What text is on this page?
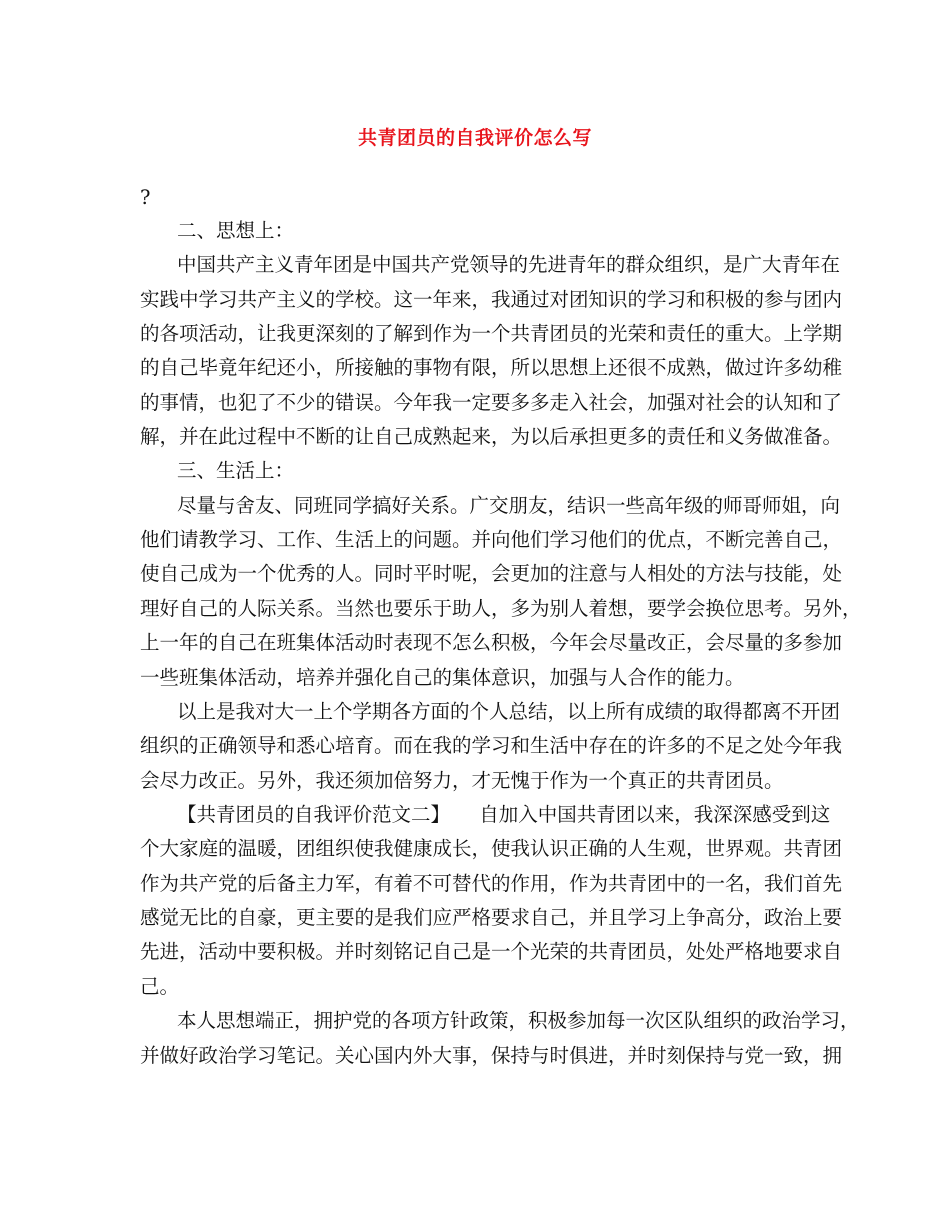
共青团员的自我评价怎么写
?
二、思想上：
中国共产主义青年团是中国共产党领导的先进青年的群众组织，是广大青年在
实践中学习共产主义的学校。这一年来，我通过对团知识的学习和积极的参与团内
的各项活动，让我更深刻的了解到作为一个共青团员的光荣和责任的重大。上学期
的自己毕竟年纪还小，所接触的事物有限，所以思想上还很不成熟，做过许多幼稚
的事情，也犯了不少的错误。今年我一定要多多走入社会，加强对社会的认知和了
解，并在此过程中不断的让自己成熟起来，为以后承担更多的责任和义务做准备。
三、生活上：
尽量与舍友、同班同学搞好关系。广交朋友，结识一些高年级的师哥师姐，向
他们请教学习、工作、生活上的问题。并向他们学习他们的优点，不断完善自己，
使自己成为一个优秀的人。同时平时呢，会更加的注意与人相处的方法与技能，处
理好自己的人际关系。当然也要乐于助人，多为别人着想，要学会换位思考。另外，
上一年的自己在班集体活动时表现不怎么积极，今年会尽量改正，会尽量的多参加
一些班集体活动，培养并强化自己的集体意识，加强与人合作的能力。
以上是我对大一上个学期各方面的个人总结，以上所有成绩的取得都离不开团
组织的正确领导和悉心培育。而在我的学习和生活中存在的许多的不足之处今年我
会尽力改正。另外，我还须加倍努力，才无愧于作为一个真正的共青团员。
【共青团员的自我评价范文二】　　自加入中国共青团以来，我深深感受到这
个大家庭的温暖，团组织使我健康成长，使我认识正确的人生观，世界观。共青团
作为共产党的后备主力军，有着不可替代的作用，作为共青团中的一名，我们首先
感觉无比的自豪，更主要的是我们应严格要求自己，并且学习上争高分，政治上要
先进，活动中要积极。并时刻铭记自己是一个光荣的共青团员，处处严格地要求自
己。
本人思想端正，拥护党的各项方针政策，积极参加每一次区队组织的政治学习，
并做好政治学习笔记。关心国内外大事，保持与时俱进，并时刻保持与党一致，拥
